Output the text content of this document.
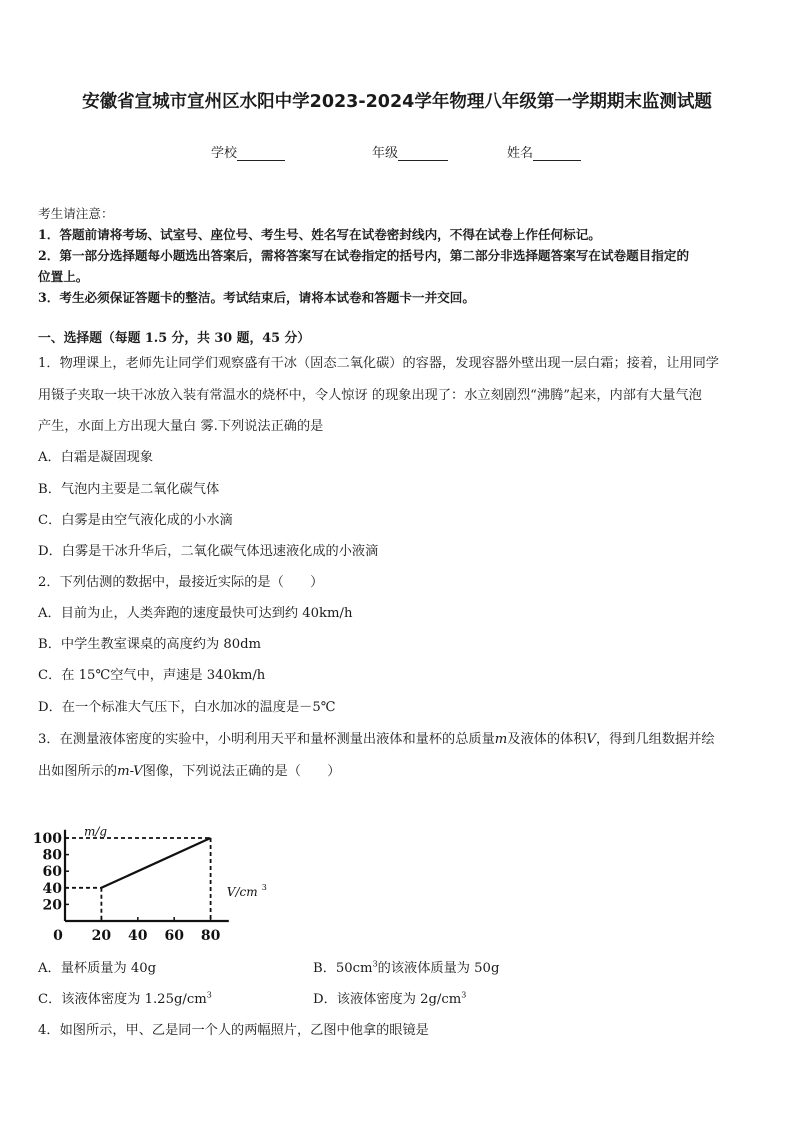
安徽省宣城市宣州区水阳中学2023-2024学年物理八年级第一学期期末监测试题
学校	年级	姓名

考生请注意：

1．答题前请将考场、试室号、座位号、考生号、姓名写在试卷密封线内，不得在试卷上作任何标记。

2．第一部分选择题每小题选出答案后，需将答案写在试卷指定的括号内，第二部分非选择题答案写在试卷题目指定的

位置上。

3．考生必须保证答题卡的整洁。考试结束后，请将本试卷和答题卡一并交回。

一、选择题（每题 1.5 分，共 30 题，45 分）
1．物理课上，老师先让同学们观察盛有干冰（固态二氧化碳）的容器，发现容器外壁出现一层白霜；接着，让用同学
用镊子夹取一块干冰放入装有常温水的烧杯中，令人惊讶 的现象出现了：水立刻剧烈“沸腾”起来，内部有大量气泡
产生，水面上方出现大量白 雾.下列说法正确的是
A．白霜是凝固现象
B．气泡内主要是二氧化碳气体
C．白雾是由空气液化成的小水滴
D．白雾是干冰升华后，二氧化碳气体迅速液化成的小液滴
2．下列估测的数据中，最接近实际的是（　　）
A．目前为止，人类奔跑的速度最快可达到约 40km/h
B．中学生教室课桌的高度约为 80dm
C．在 15℃空气中，声速是 340km/h
D．在一个标准大气压下，白水加冰的温度是－5℃
3．在测量液体密度的实验中，小明利用天平和量杯测量出液体和量杯的总质量m及液体的体积V，得到几组数据并绘
出如图所示的m-V图像，下列说法正确的是（　　）
20
40
60
80
100
20 40 60 80
0
m/g
V/cm 3
A．量杯质量为 40g	B．$50cm^3$的该液体质量为 50g
C．该液体密度为 $1.25g/cm^3$	D．该液体密度为 $2g/cm^3$
4．如图所示，甲、乙是同一个人的两幅照片，乙图中他拿的眼镜是
